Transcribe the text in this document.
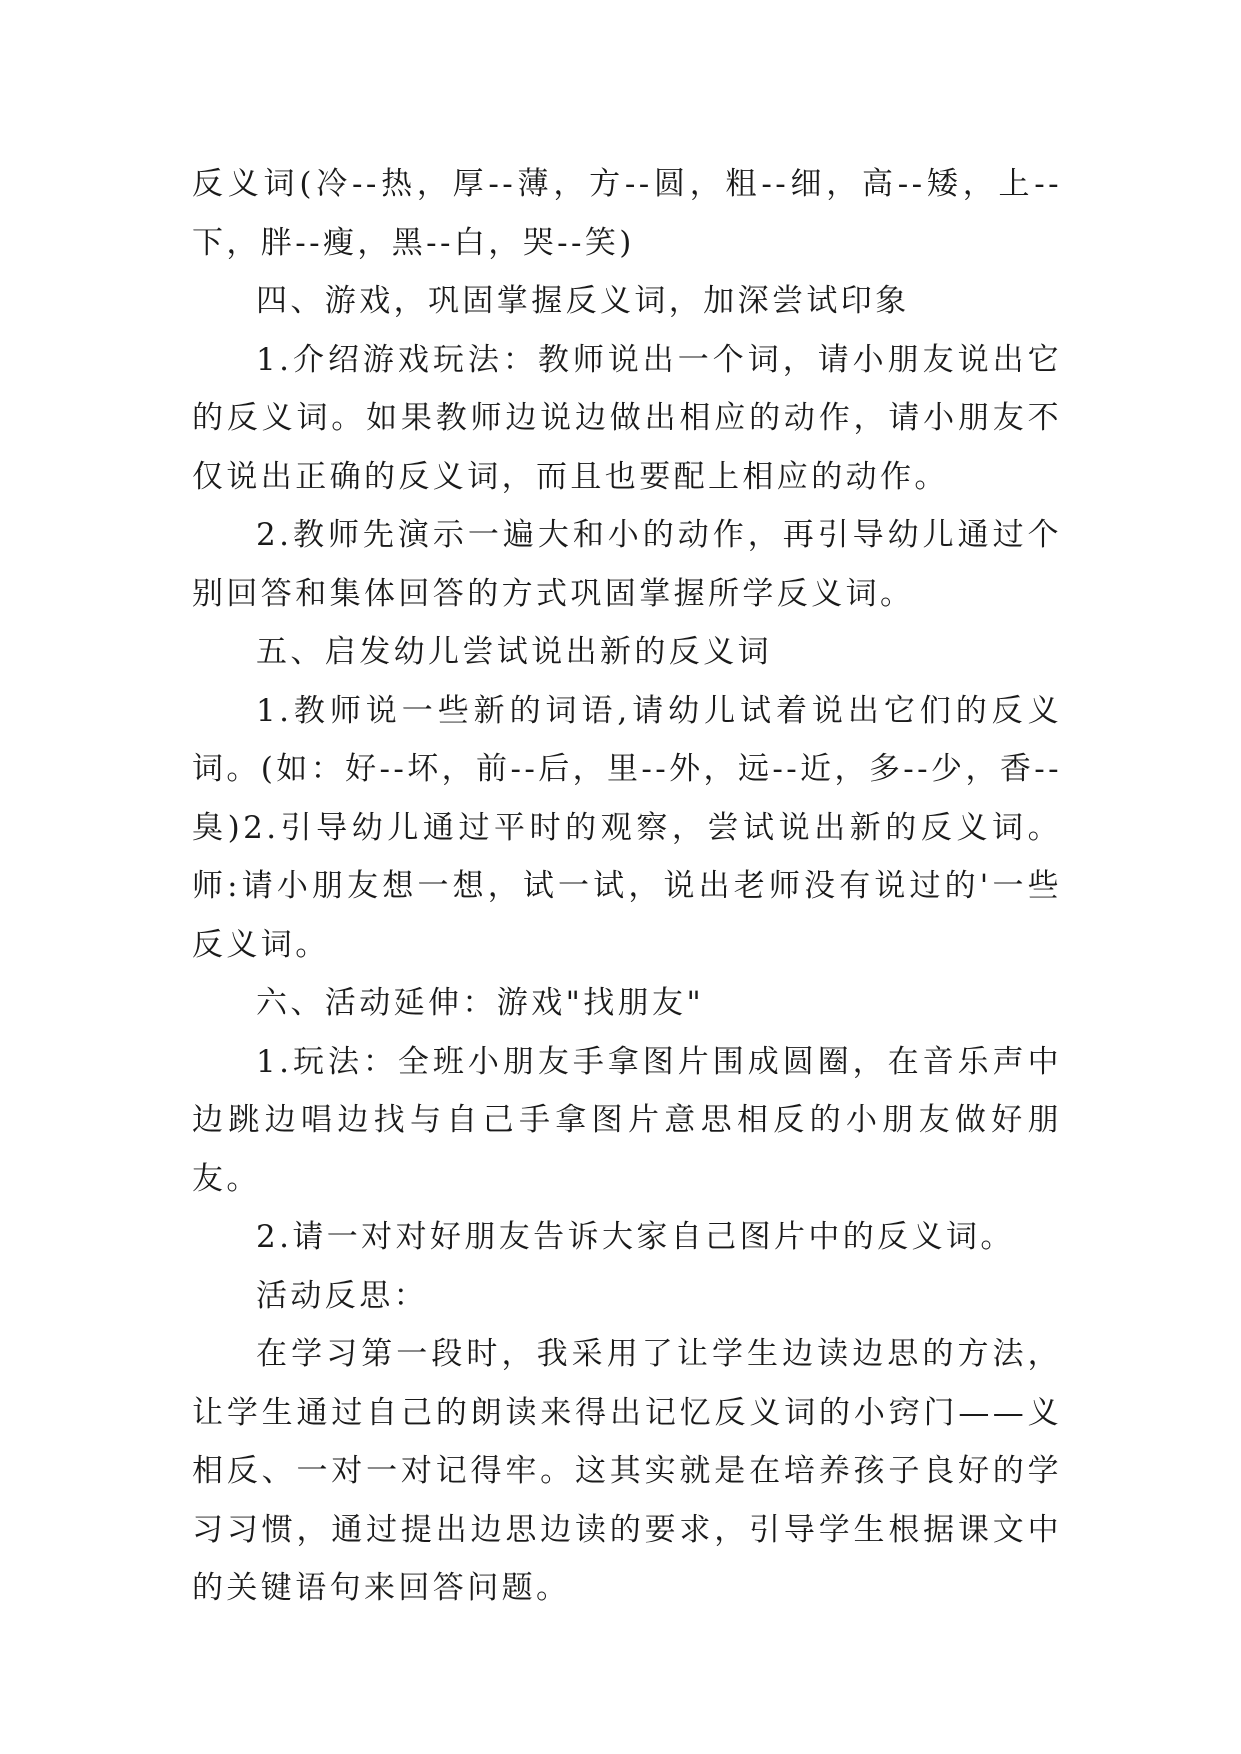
反义词(冷--热，厚--薄，方--圆，粗--细，高--矮，上--下，胖--瘦，黑--白，哭--笑)

四、游戏，巩固掌握反义词，加深尝试印象

1.介绍游戏玩法：教师说出一个词，请小朋友说出它的反义词。如果教师边说边做出相应的动作，请小朋友不仅说出正确的反义词，而且也要配上相应的动作。

2.教师先演示一遍大和小的动作，再引导幼儿通过个别回答和集体回答的方式巩固掌握所学反义词。

五、启发幼儿尝试说出新的反义词

1.教师说一些新的词语,请幼儿试着说出它们的反义词。(如：好--坏，前--后，里--外，远--近，多--少，香--臭)2.引导幼儿通过平时的观察，尝试说出新的反义词。 师:请小朋友想一想，试一试，说出老师没有说过的'一些反义词。

六、活动延伸：游戏"找朋友"

1.玩法：全班小朋友手拿图片围成圆圈，在音乐声中边跳边唱边找与自己手拿图片意思相反的小朋友做好朋友。

2.请一对对好朋友告诉大家自己图片中的反义词。

活动反思：

在学习第一段时，我采用了让学生边读边思的方法，让学生通过自己的朗读来得出记忆反义词的小窍门——义相反、一对一对记得牢。这其实就是在培养孩子良好的学习习惯，通过提出边思边读的要求，引导学生根据课文中的关键语句来回答问题。
